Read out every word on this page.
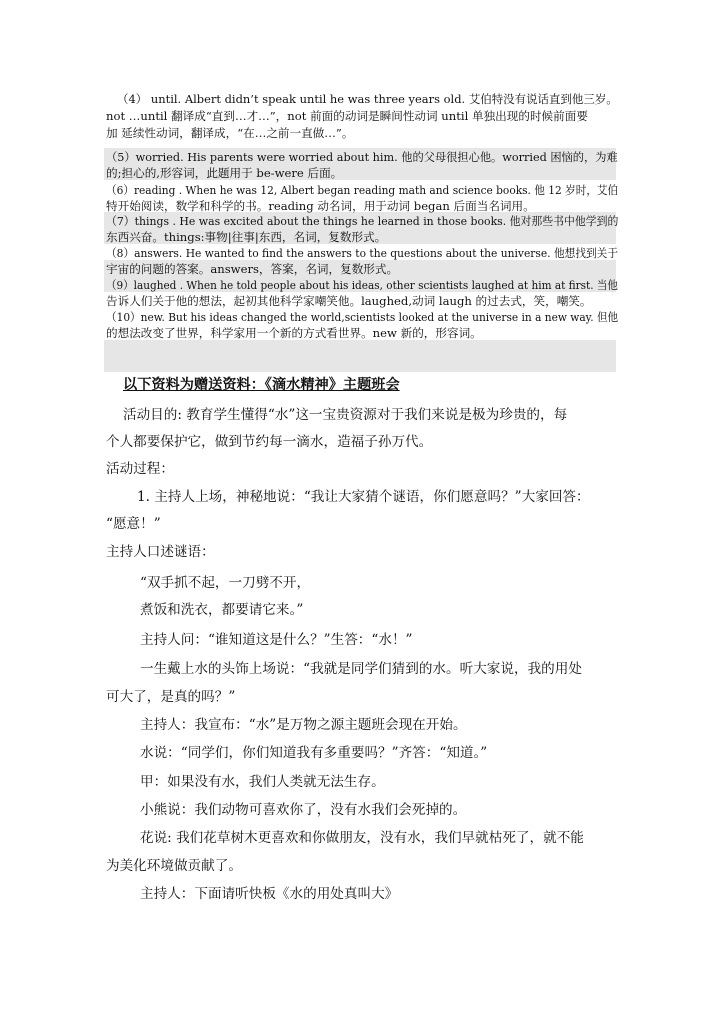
（4） until. Albert didn’t speak until he was three years old. 艾伯特没有说话直到他三岁。
not …until 翻译成“直到…才…”，not 前面的动词是瞬间性动词 until 单独出现的时候前面要
加 延续性动词，翻译成，“在…之前一直做…”。
（5）worried. His parents were worried about him. 他的父母很担心他。worried 困恼的，为难
的;担心的,形容词，此题用于 be-were 后面。
（6）reading . When he was 12, Albert began reading math and science books. 他 12 岁时，艾伯
特开始阅读，数学和科学的书。reading 动名词，用于动词 began 后面当名词用。
（7）things . He was excited about the things he learned in those books. 他对那些书中他学到的
东西兴奋。things:事物|往事|东西，名词，复数形式。
（8）answers. He wanted to find the answers to the questions about the universe. 他想找到关于
宇宙的问题的答案。answers，答案，名词，复数形式。
（9）laughed . When he told people about his ideas, other scientists laughed at him at first. 当他
告诉人们关于他的想法，起初其他科学家嘲笑他。laughed,动词 laugh 的过去式，笑，嘲笑。
（10）new. But his ideas changed the world,scientists looked at the universe in a new way. 但他
的想法改变了世界，科学家用一个新的方式看世界。new 新的，形容词。
以下资料为赠送资料：《滴水精神》主题班会
活动目的: 教育学生懂得“水”这一宝贵资源对于我们来说是极为珍贵的，每
个人都要保护它，做到节约每一滴水，造福子孙万代。
活动过程：
1. 主持人上场，神秘地说：“我让大家猜个谜语，你们愿意吗？”大家回答：
“愿意！”
主持人口述谜语：
“双手抓不起，一刀劈不开，
煮饭和洗衣，都要请它来。”
主持人问：“谁知道这是什么？”生答：“水！”
一生戴上水的头饰上场说：“我就是同学们猜到的水。听大家说，我的用处
可大了，是真的吗？”
主持人：我宣布：“水”是万物之源主题班会现在开始。
水说：“同学们，你们知道我有多重要吗？”齐答：“知道。”
甲：如果没有水，我们人类就无法生存。
小熊说：我们动物可喜欢你了，没有水我们会死掉的。
花说: 我们花草树木更喜欢和你做朋友，没有水，我们早就枯死了，就不能
为美化环境做贡献了。
主持人：下面请听快板《水的用处真叫大》
